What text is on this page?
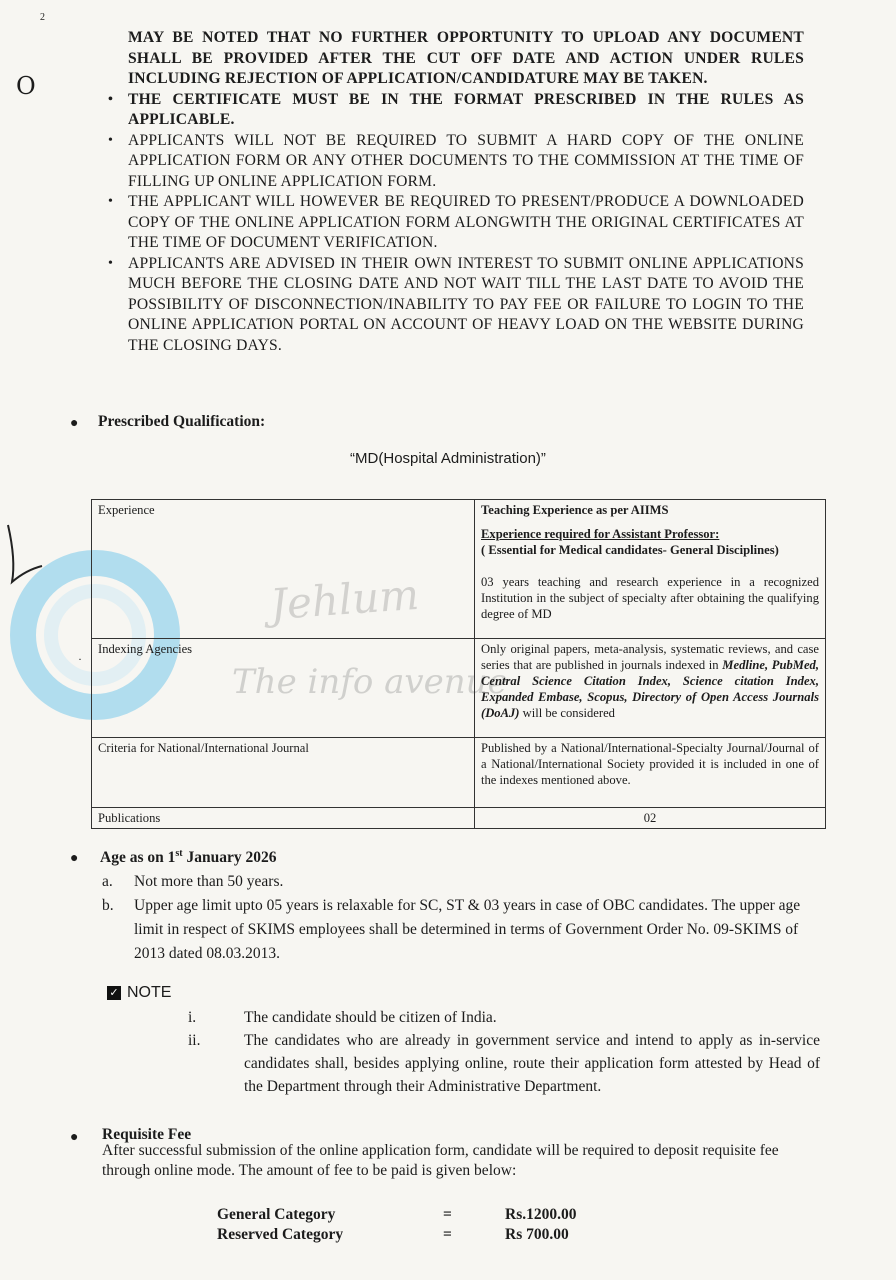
2
O
Jehlum
The info avenue

MAY BE NOTED THAT NO FURTHER OPPORTUNITY TO UPLOAD ANY DOCUMENT SHALL BE PROVIDED AFTER THE CUT OFF DATE AND ACTION UNDER RULES INCLUDING REJECTION OF APPLICATION/CANDIDATURE MAY BE TAKEN.

• THE CERTIFICATE MUST BE IN THE FORMAT PRESCRIBED IN THE RULES AS APPLICABLE.
• APPLICANTS WILL NOT BE REQUIRED TO SUBMIT A HARD COPY OF THE ONLINE APPLICATION FORM OR ANY OTHER DOCUMENTS TO THE COMMISSION AT THE TIME OF FILLING UP ONLINE APPLICATION FORM.
• THE APPLICANT WILL HOWEVER BE REQUIRED TO PRESENT/PRODUCE A DOWNLOADED COPY OF THE ONLINE APPLICATION FORM ALONGWITH THE ORIGINAL CERTIFICATES AT THE TIME OF DOCUMENT VERIFICATION.
• APPLICANTS ARE ADVISED IN THEIR OWN INTEREST TO SUBMIT ONLINE APPLICATIONS MUCH BEFORE THE CLOSING DATE AND NOT WAIT TILL THE LAST DATE TO AVOID THE POSSIBILITY OF DISCONNECTION/INABILITY TO PAY FEE OR FAILURE TO LOGIN TO THE ONLINE APPLICATION PORTAL ON ACCOUNT OF HEAVY LOAD ON THE WEBSITE DURING THE CLOSING DAYS.
● Prescribed Qualification:
“MD(Hospital Administration)”
Experience	Teaching Experience as per AIIMS

Experience required for Assistant Professor:

( Essential for Medical candidates- General Disciplines)

03 years teaching and research experience in a recognized Institution in the subject of specialty after obtaining the qualifying degree of MD

Indexing Agencies	Only original papers, meta-analysis, systematic reviews, and case series that are published in journals indexed in Medline, PubMed, Central Science Citation Index, Science citation Index, Expanded Embase, Scopus, Directory of Open Access Journals (DoAJ) will be considered
Criteria for National/International Journal	Published by a National/International-Specialty Journal/Journal of a National/International Society provided it is included in one of the indexes mentioned above.
Publications	02
·
● Age as on 1st January 2026
a.	Not more than 50 years.
b.	Upper age limit upto 05 years is relaxable for SC, ST & 03 years in case of OBC candidates. The upper age limit in respect of SKIMS employees shall be determined in terms of Government Order No. 09-SKIMS of 2013 dated 08.03.2013.
✓ NOTE
i.	The candidate should be citizen of India.
ii.	The candidates who are already in government service and intend to apply as in-service candidates shall, besides applying online, route their application form attested by Head of the Department through their Administrative Department.
● Requisite Fee
After successful submission of the online application form, candidate will be required to deposit requisite fee through online mode. The amount of fee to be paid is given below:
General Category	=	Rs.1200.00
Reserved Category	=	Rs 700.00
